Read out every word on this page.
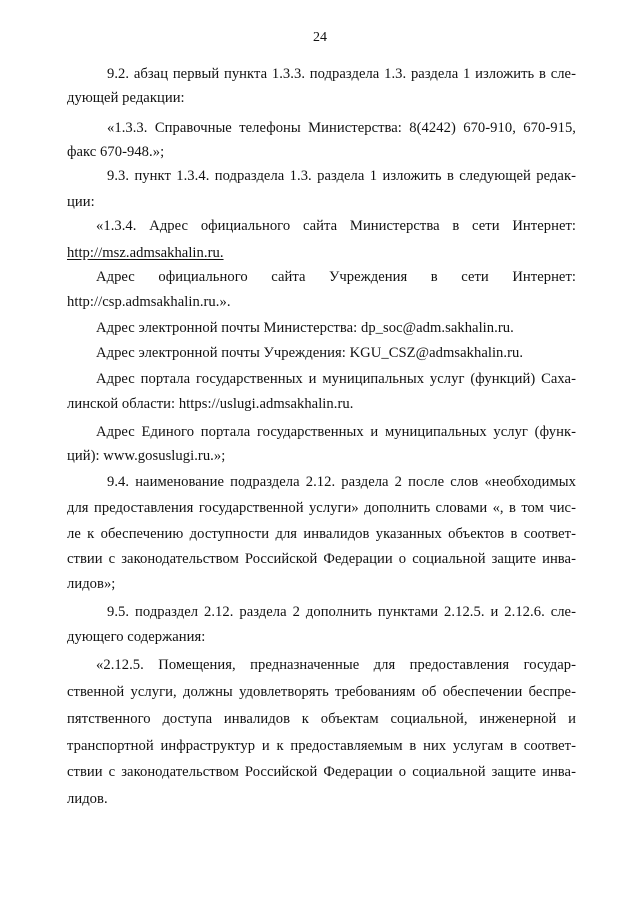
24
9.2. абзац первый пункта 1.3.3. подраздела 1.3. раздела 1 изложить в сле-
дующей редакции:
«1.3.3. Справочные телефоны Министерства: 8(4242) 670-910, 670-915,
факс 670-948.»;
9.3. пункт 1.3.4. подраздела 1.3. раздела 1 изложить в следующей редак-
ции:
«1.3.4. Адрес официального сайта Министерства в сети Интернет:
http://msz.admsakhalin.ru.
Адрес официального сайта Учреждения в сети Интернет:
http://csp.admsakhalin.ru.».
Адрес электронной почты Министерства: dp_soc@adm.sakhalin.ru.
Адрес электронной почты Учреждения: KGU_CSZ@admsakhalin.ru.
Адрес портала государственных и муниципальных услуг (функций) Саха-
линской области: https://uslugi.admsakhalin.ru.
Адрес Единого портала государственных и муниципальных услуг (функ-
ций): www.gosuslugi.ru.»;
9.4. наименование подраздела 2.12. раздела 2 после слов «необходимых
для предоставления государственной услуги» дополнить словами «, в том чис-
ле к обеспечению доступности для инвалидов указанных объектов в соответ-
ствии с законодательством Российской Федерации о социальной защите инва-
лидов»;
9.5. подраздел 2.12. раздела 2 дополнить пунктами 2.12.5. и 2.12.6. сле-
дующего содержания:
«2.12.5. Помещения, предназначенные для предоставления государ-
ственной услуги, должны удовлетворять требованиям об обеспечении беспре-
пятственного доступа инвалидов к объектам социальной, инженерной и
транспортной инфраструктур и к предоставляемым в них услугам в соответ-
ствии с законодательством Российской Федерации о социальной защите инва-
лидов.
